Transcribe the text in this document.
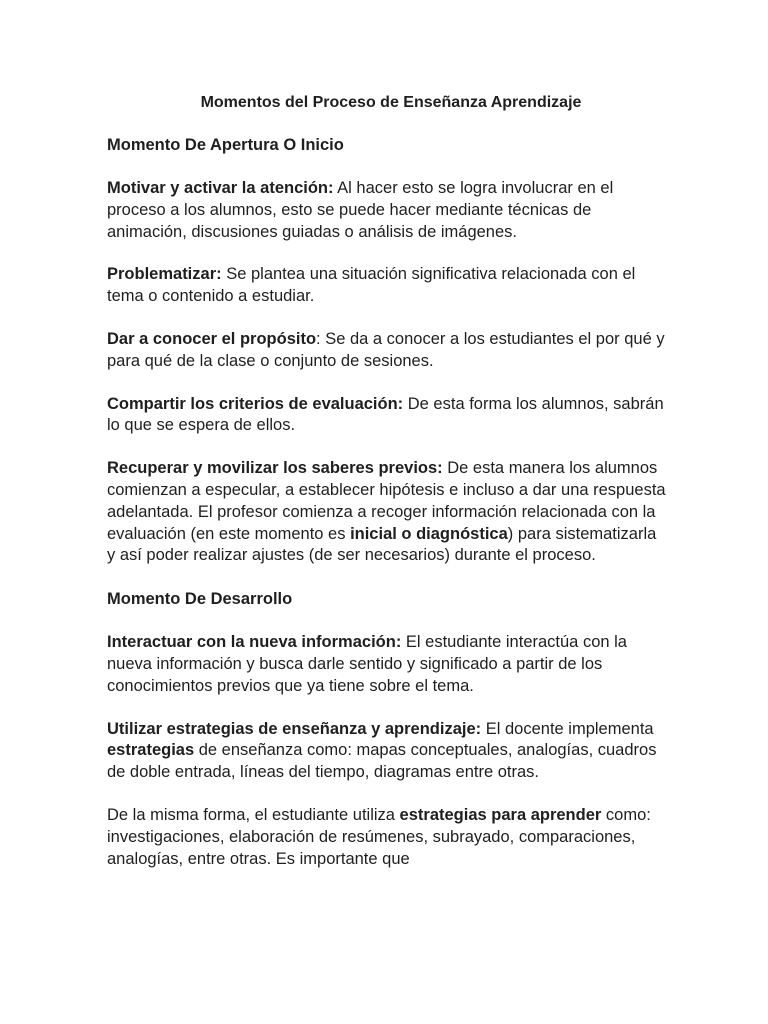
Momentos del Proceso de Enseñanza Aprendizaje
Momento De Apertura O Inicio

Motivar y activar la atención: Al hacer esto se logra involucrar en el proceso a los alumnos, esto se puede hacer mediante técnicas de animación, discusiones guiadas o análisis de imágenes.

Problematizar: Se plantea una situación significativa relacionada con el tema o contenido a estudiar.

Dar a conocer el propósito: Se da a conocer a los estudiantes el por qué y para qué de la clase o conjunto de sesiones.

Compartir los criterios de evaluación: De esta forma los alumnos, sabrán lo que se espera de ellos.

Recuperar y movilizar los saberes previos: De esta manera los alumnos comienzan a especular, a establecer hipótesis e incluso a dar una respuesta adelantada. El profesor comienza a recoger información relacionada con la evaluación (en este momento es inicial o diagnóstica) para sistematizarla y así poder realizar ajustes (de ser necesarios) durante el proceso.

Momento De Desarrollo

Interactuar con la nueva información: El estudiante interactúa con la nueva información y busca darle sentido y significado a partir de los conocimientos previos que ya tiene sobre el tema.

Utilizar estrategias de enseñanza y aprendizaje: El docente implementa estrategias de enseñanza como: mapas conceptuales, analogías, cuadros de doble entrada, líneas del tiempo, diagramas entre otras.

De la misma forma, el estudiante utiliza estrategias para aprender como: investigaciones, elaboración de resúmenes, subrayado, comparaciones, analogías, entre otras. Es importante que
